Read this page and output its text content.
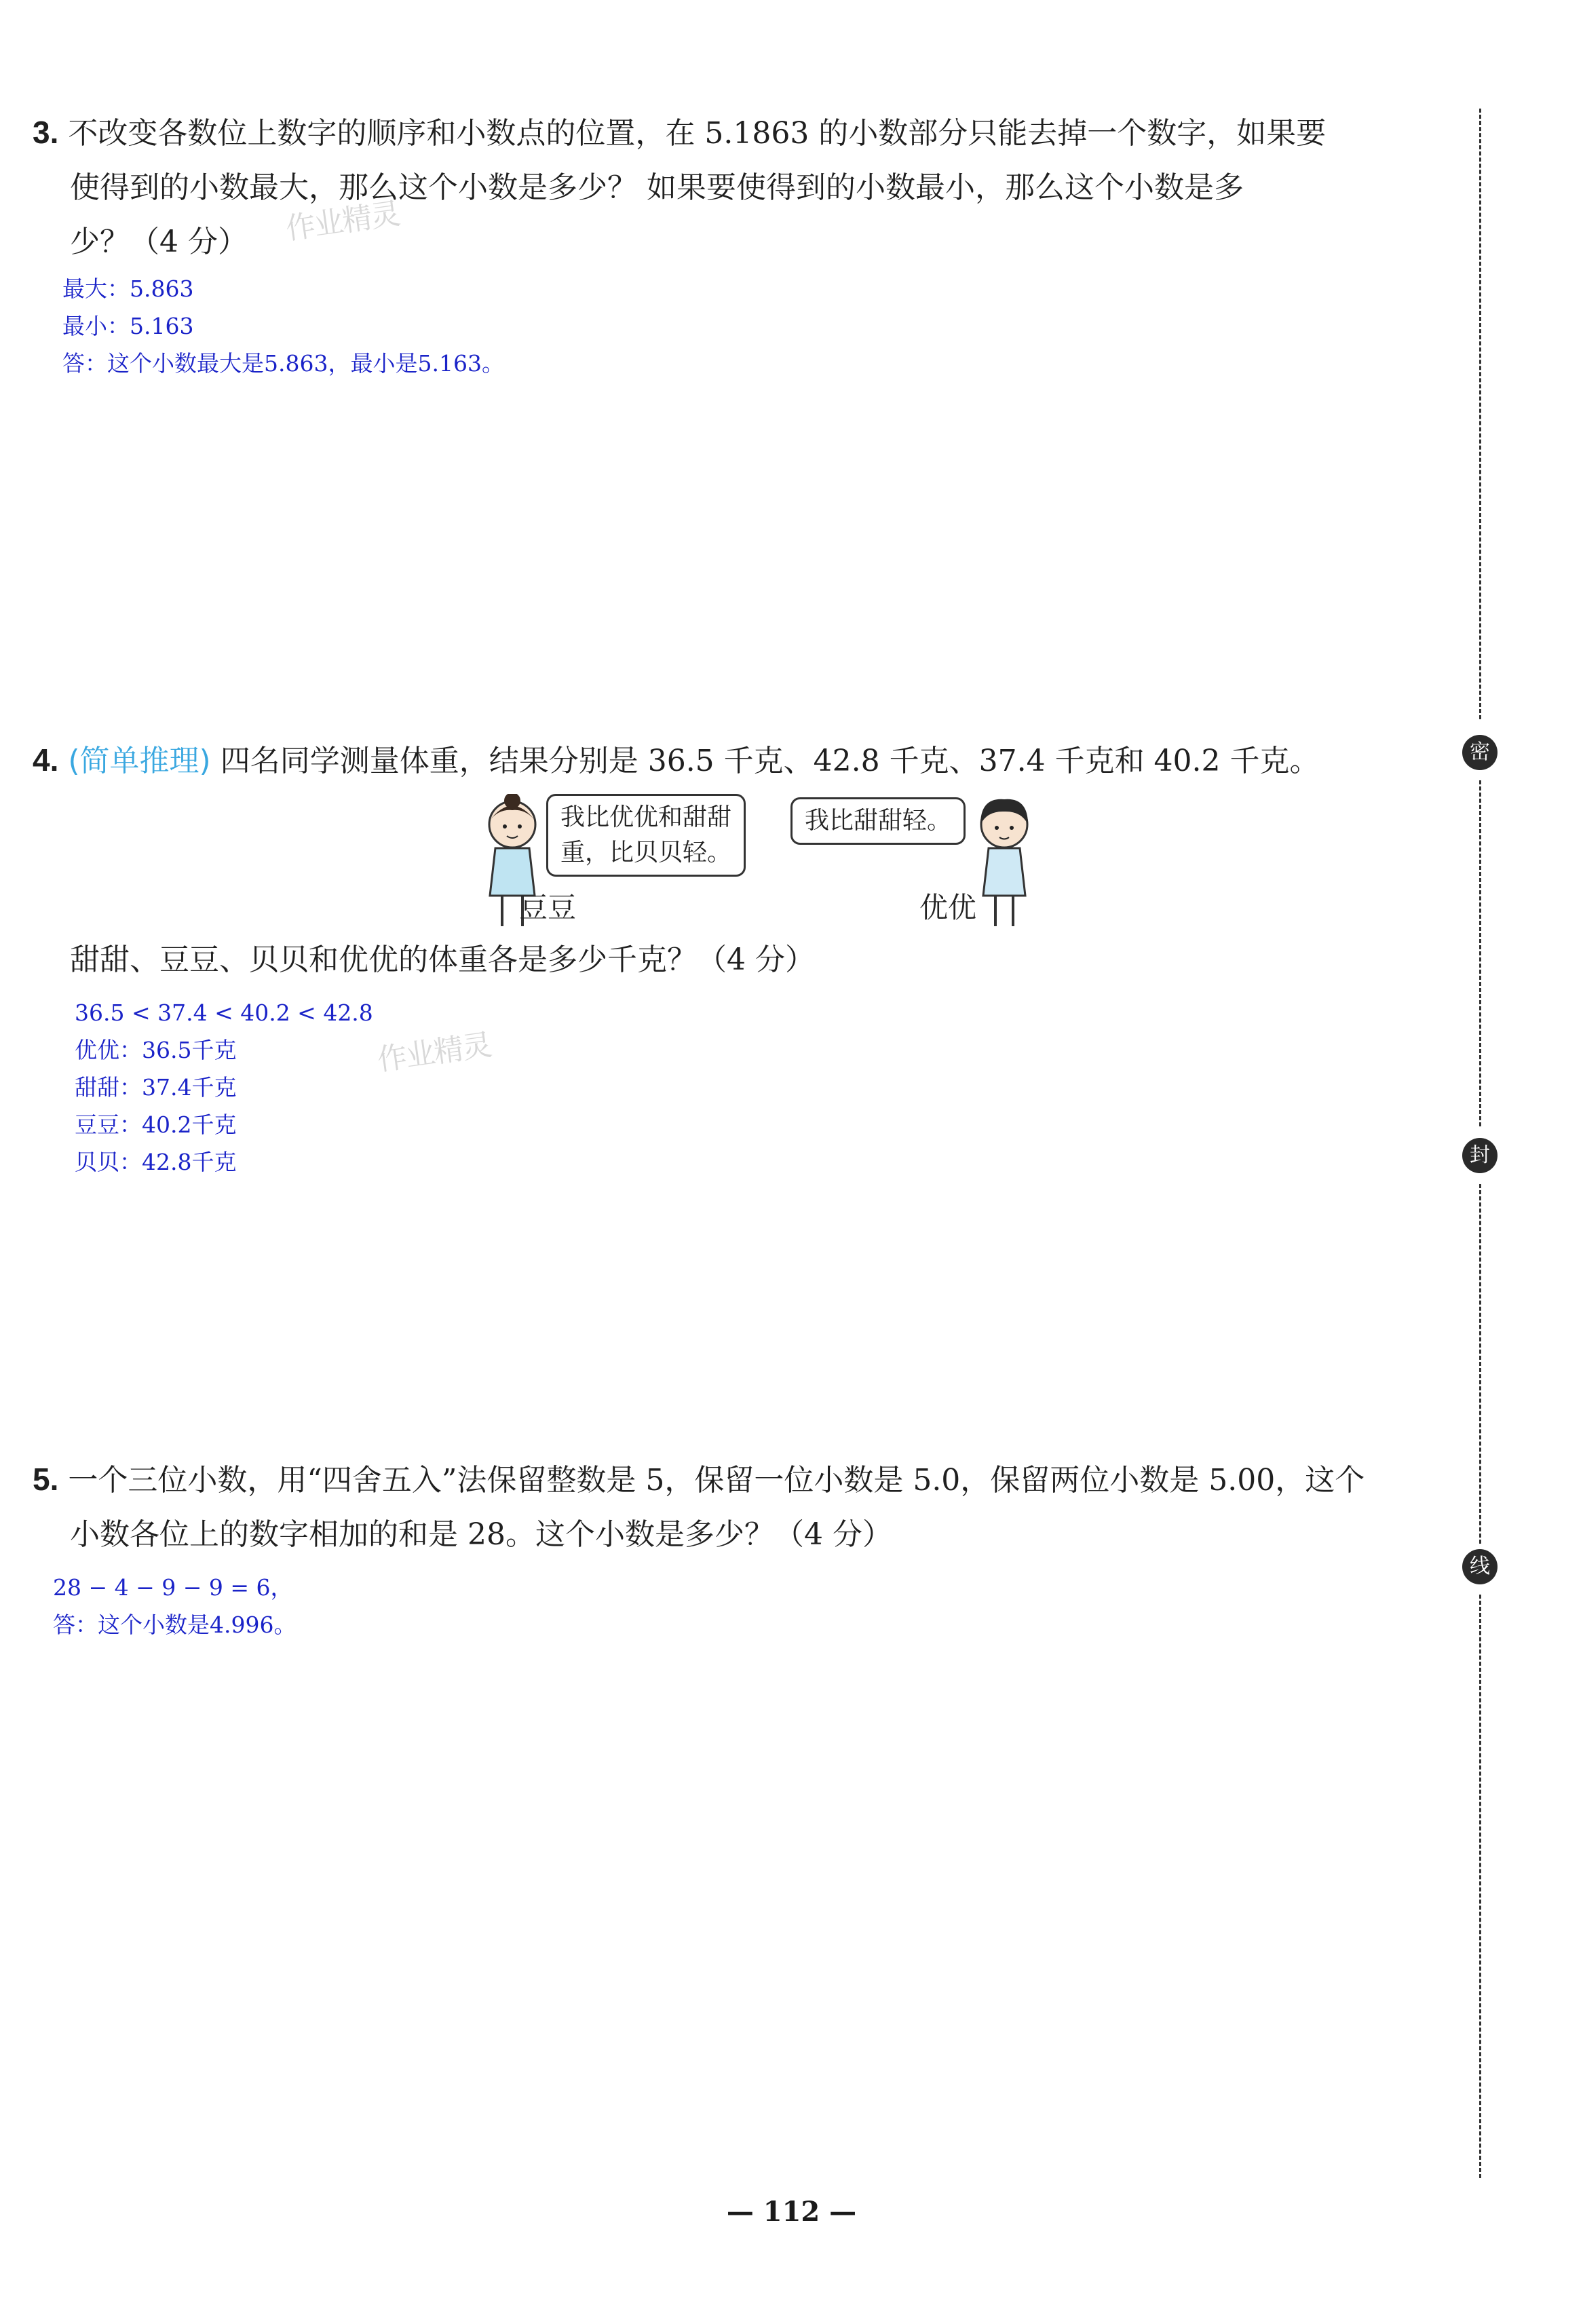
3. 不改变各数位上数字的顺序和小数点的位置，在 5.1863 的小数部分只能去掉一个数字，如果要
使得到的小数最大，那么这个小数是多少？ 如果要使得到的小数最小，那么这个小数是多
少？（4 分）	作业精灵
最大：5.863
最小：5.163
答：这个小数最大是5.863，最小是5.163。
4. (简单推理) 四名同学测量体重，结果分别是 36.5 千克、42.8 千克、37.4 千克和 40.2 千克。
我比优优和甜甜
重，比贝贝轻。
我比甜甜轻。
豆豆	优优
甜甜、豆豆、贝贝和优优的体重各是多少千克？（4 分）
作业精灵
36.5 < 37.4 < 40.2 < 42.8
优优：36.5千克
甜甜：37.4千克
豆豆：40.2千克
贝贝：42.8千克
5. 一个三位小数，用“四舍五入”法保留整数是 5，保留一位小数是 5.0，保留两位小数是 5.00，这个
小数各位上的数字相加的和是 28。这个小数是多少？（4 分）
28 − 4 − 9 − 9 = 6，
答：这个小数是4.996。
密
封
线
— 112 —
